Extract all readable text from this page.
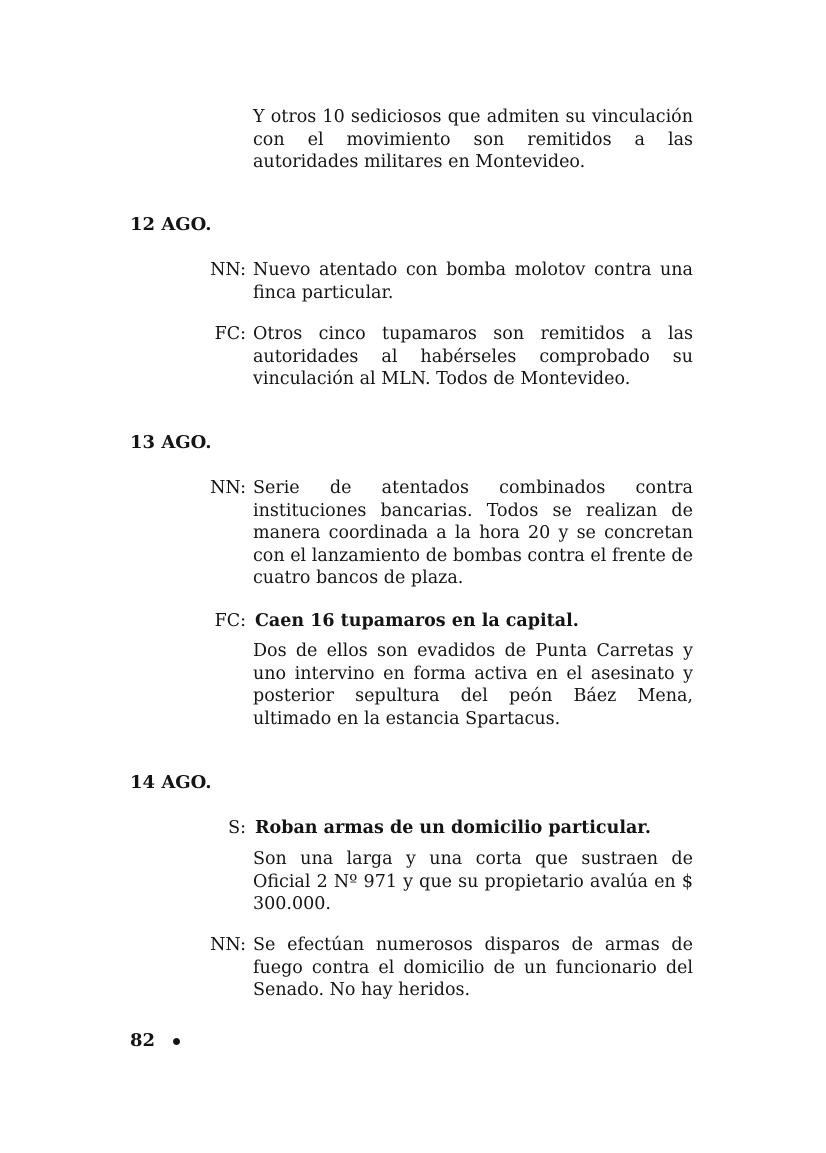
Y otros 10 sediciosos que admiten su vinculación con el movimiento son remitidos a las autoridades militares en Montevideo.

12 AGO.

NN: Nuevo atentado con bomba molotov contra una finca particular.

FC: Otros cinco tupamaros son remitidos a las autoridades al habérseles comprobado su vinculación al MLN. Todos de Montevideo.

13 AGO.

NN: Serie de atentados combinados contra instituciones bancarias. Todos se realizan de manera coordinada a la hora 20 y se concretan con el lanzamiento de bombas contra el frente de cuatro bancos de plaza.

FC: Caen 16 tupamaros en la capital.

Dos de ellos son evadidos de Punta Carretas y uno intervino en forma activa en el asesinato y posterior sepultura del peón Báez Mena, ultimado en la estancia Spartacus.

14 AGO.

S: Roban armas de un domicilio particular.

Son una larga y una corta que sustraen de Oficial 2 Nº 971 y que su propietario avalúa en $ 300.000.

NN: Se efectúan numerosos disparos de armas de fuego contra el domicilio de un funcionario del Senado. No hay heridos.

82
